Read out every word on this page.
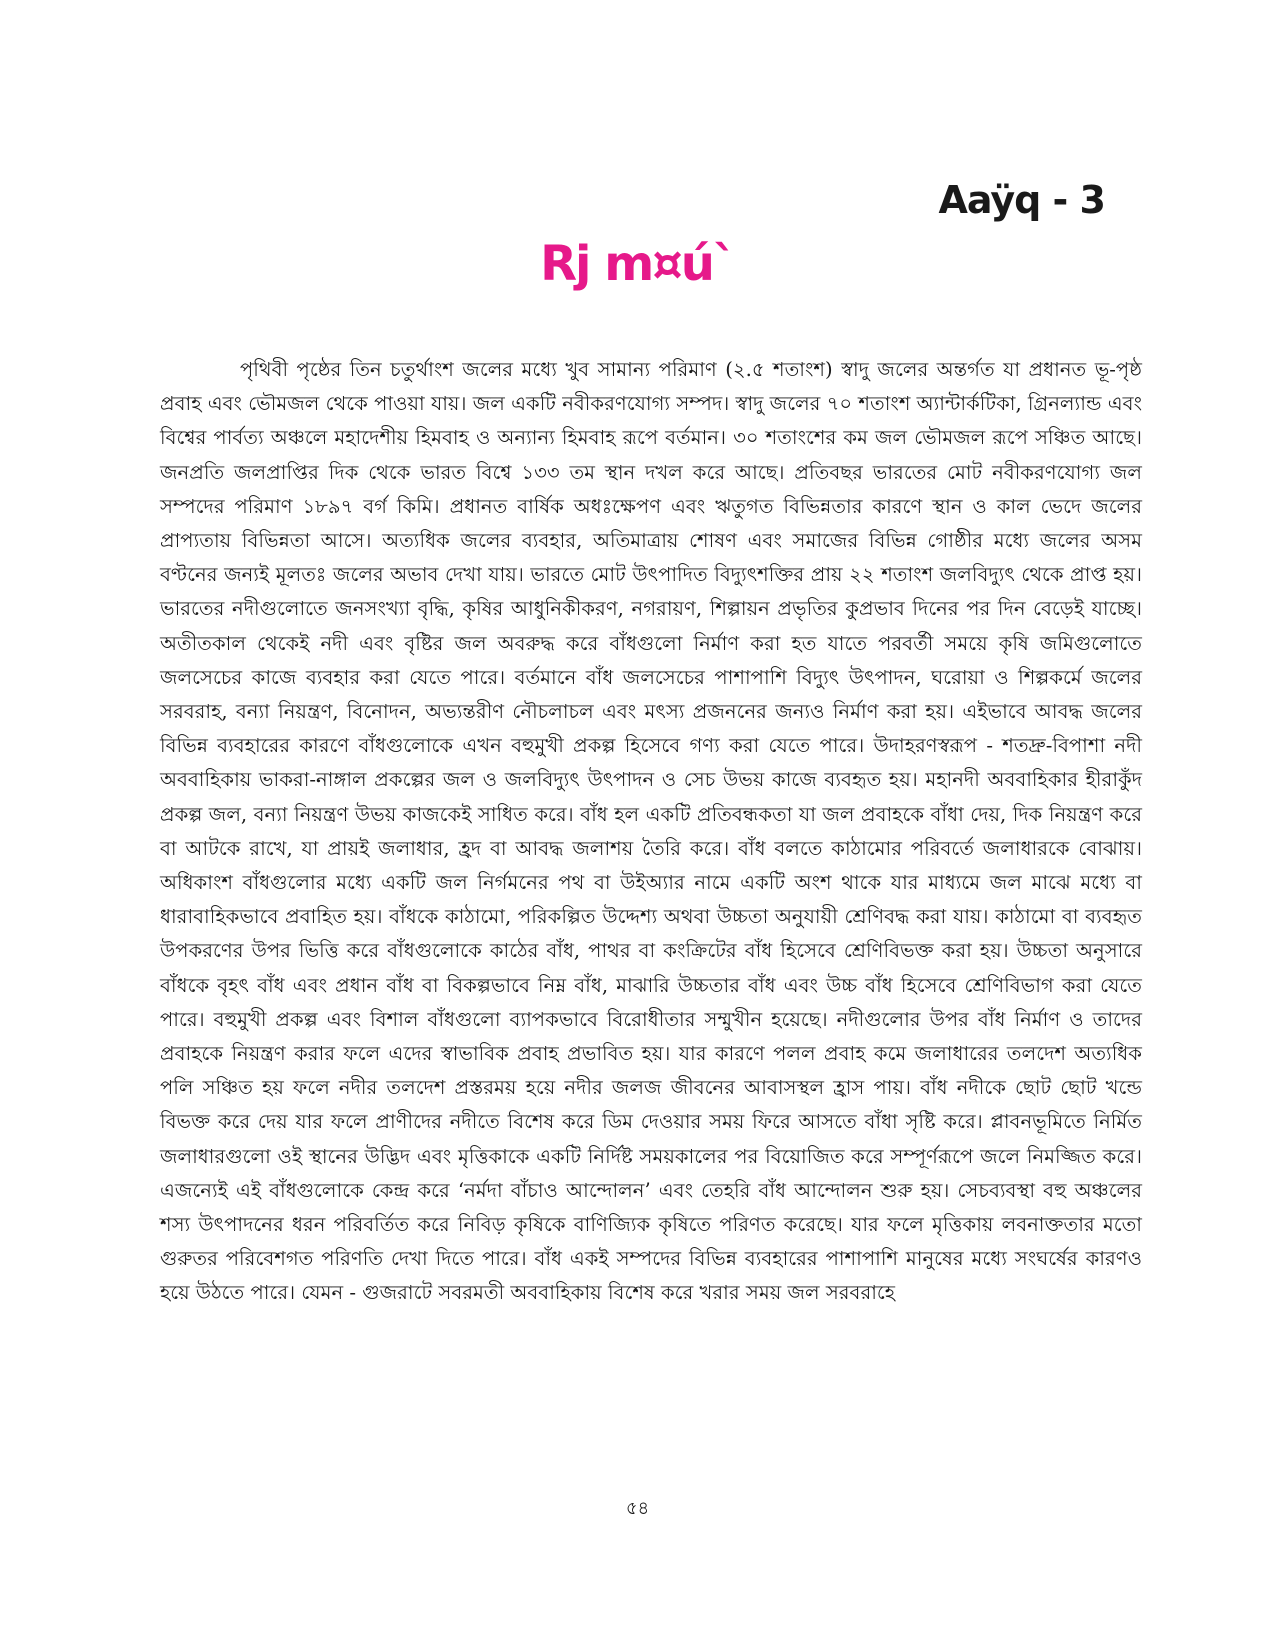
Aaÿq - 3
Rj m¤ú`

পৃথিবী পৃষ্ঠের তিন চতুর্থাংশ জলের মধ্যে খুব সামান্য পরিমাণ (২.৫ শতাংশ) স্বাদু জলের অন্তর্গত যা প্রধানত ভূ-পৃষ্ঠ প্রবাহ এবং ভৌমজল থেকে পাওয়া যায়। জল একটি নবীকরণযোগ্য সম্পদ। স্বাদু জলের ৭০ শতাংশ অ্যান্টার্কটিকা, গ্রিনল্যান্ড এবং বিশ্বের পার্বত্য অঞ্চলে মহাদেশীয় হিমবাহ ও অন্যান্য হিমবাহ রূপে বর্তমান। ৩০ শতাংশের কম জল ভৌমজল রূপে সঞ্চিত আছে। জনপ্রতি জলপ্রাপ্তির দিক থেকে ভারত বিশ্বে ১৩৩ তম স্থান দখল করে আছে। প্রতিবছর ভারতের মোট নবীকরণযোগ্য জল সম্পদের পরিমাণ ১৮৯৭ বর্গ কিমি। প্রধানত বার্ষিক অধঃক্ষেপণ এবং ঋতুগত বিভিন্নতার কারণে স্থান ও কাল ভেদে জলের প্রাপ্যতায় বিভিন্নতা আসে। অত্যধিক জলের ব্যবহার, অতিমাত্রায় শোষণ এবং সমাজের বিভিন্ন গোষ্ঠীর মধ্যে জলের অসম বণ্টনের জন্যই মূলতঃ জলের অভাব দেখা যায়। ভারতে মোট উৎপাদিত বিদ্যুৎশক্তির প্রায় ২২ শতাংশ জলবিদ্যুৎ থেকে প্রাপ্ত হয়। ভারতের নদীগুলোতে জনসংখ্যা বৃদ্ধি, কৃষির আধুনিকীকরণ, নগরায়ণ, শিল্পায়ন প্রভৃতির কুপ্রভাব দিনের পর দিন বেড়েই যাচ্ছে। অতীতকাল থেকেই নদী এবং বৃষ্টির জল অবরুদ্ধ করে বাঁধগুলো নির্মাণ করা হত যাতে পরবর্তী সময়ে কৃষি জমিগুলোতে জলসেচের কাজে ব্যবহার করা যেতে পারে। বর্তমানে বাঁধ জলসেচের পাশাপাশি বিদ্যুৎ উৎপাদন, ঘরোয়া ও শিল্পকর্মে জলের সরবরাহ, বন্যা নিয়ন্ত্রণ, বিনোদন, অভ্যন্তরীণ নৌচলাচল এবং মৎস্য প্রজননের জন্যও নির্মাণ করা হয়। এইভাবে আবদ্ধ জলের বিভিন্ন ব্যবহারের কারণে বাঁধগুলোকে এখন বহুমুখী প্রকল্প হিসেবে গণ্য করা যেতে পারে। উদাহরণস্বরূপ - শতদ্রু-বিপাশা নদী অববাহিকায় ভাকরা-নাঙ্গাল প্রকল্পের জল ও জলবিদ্যুৎ উৎপাদন ও সেচ উভয় কাজে ব্যবহৃত হয়। মহানদী অববাহিকার হীরাকুঁদ প্রকল্প জল, বন্যা নিয়ন্ত্রণ উভয় কাজকেই সাধিত করে। বাঁধ হল একটি প্রতিবন্ধকতা যা জল প্রবাহকে বাঁধা দেয়, দিক নিয়ন্ত্রণ করে বা আটকে রাখে, যা প্রায়ই জলাধার, হ্রদ বা আবদ্ধ জলাশয় তৈরি করে। বাঁধ বলতে কাঠামোর পরিবর্তে জলাধারকে বোঝায়। অধিকাংশ বাঁধগুলোর মধ্যে একটি জল নির্গমনের পথ বা উইঅ্যার নামে একটি অংশ থাকে যার মাধ্যমে জল মাঝে মধ্যে বা ধারাবাহিকভাবে প্রবাহিত হয়। বাঁধকে কাঠামো, পরিকল্পিত উদ্দেশ্য অথবা উচ্চতা অনুযায়ী শ্রেণিবদ্ধ করা যায়। কাঠামো বা ব্যবহৃত উপকরণের উপর ভিত্তি করে বাঁধগুলোকে কাঠের বাঁধ, পাথর বা কংক্রিটের বাঁধ হিসেবে শ্রেণিবিভক্ত করা হয়। উচ্চতা অনুসারে বাঁধকে বৃহৎ বাঁধ এবং প্রধান বাঁধ বা বিকল্পভাবে নিম্ন বাঁধ, মাঝারি উচ্চতার বাঁধ এবং উচ্চ বাঁধ হিসেবে শ্রেণিবিভাগ করা যেতে পারে। বহুমুখী প্রকল্প এবং বিশাল বাঁধগুলো ব্যাপকভাবে বিরোধীতার সম্মুখীন হয়েছে। নদীগুলোর উপর বাঁধ নির্মাণ ও তাদের প্রবাহকে নিয়ন্ত্রণ করার ফলে এদের স্বাভাবিক প্রবাহ প্রভাবিত হয়। যার কারণে পলল প্রবাহ কমে জলাধারের তলদেশ অত্যধিক পলি সঞ্চিত হয় ফলে নদীর তলদেশ প্রস্তরময় হয়ে নদীর জলজ জীবনের আবাসস্থল হ্রাস পায়। বাঁধ নদীকে ছোট ছোট খন্ডে বিভক্ত করে দেয় যার ফলে প্রাণীদের নদীতে বিশেষ করে ডিম দেওয়ার সময় ফিরে আসতে বাঁধা সৃষ্টি করে। প্লাবনভূমিতে নির্মিত জলাধারগুলো ওই স্থানের উদ্ভিদ এবং মৃত্তিকাকে একটি নির্দিষ্ট সময়কালের পর বিয়োজিত করে সম্পূর্ণরূপে জলে নিমজ্জিত করে। এজন্যেই এই বাঁধগুলোকে কেন্দ্র করে ‘নর্মদা বাঁচাও আন্দোলন’ এবং তেহরি বাঁধ আন্দোলন শুরু হয়। সেচব্যবস্থা বহু অঞ্চলের শস্য উৎপাদনের ধরন পরিবর্তিত করে নিবিড় কৃষিকে বাণিজ্যিক কৃষিতে পরিণত করেছে। যার ফলে মৃত্তিকায় লবনাক্ততার মতো গুরুতর পরিবেশগত পরিণতি দেখা দিতে পারে। বাঁধ একই সম্পদের বিভিন্ন ব্যবহারের পাশাপাশি মানুষের মধ্যে সংঘর্ষের কারণও হয়ে উঠতে পারে। যেমন - গুজরাটে সবরমতী অববাহিকায় বিশেষ করে খরার সময় জল সরবরাহে

৫৪
